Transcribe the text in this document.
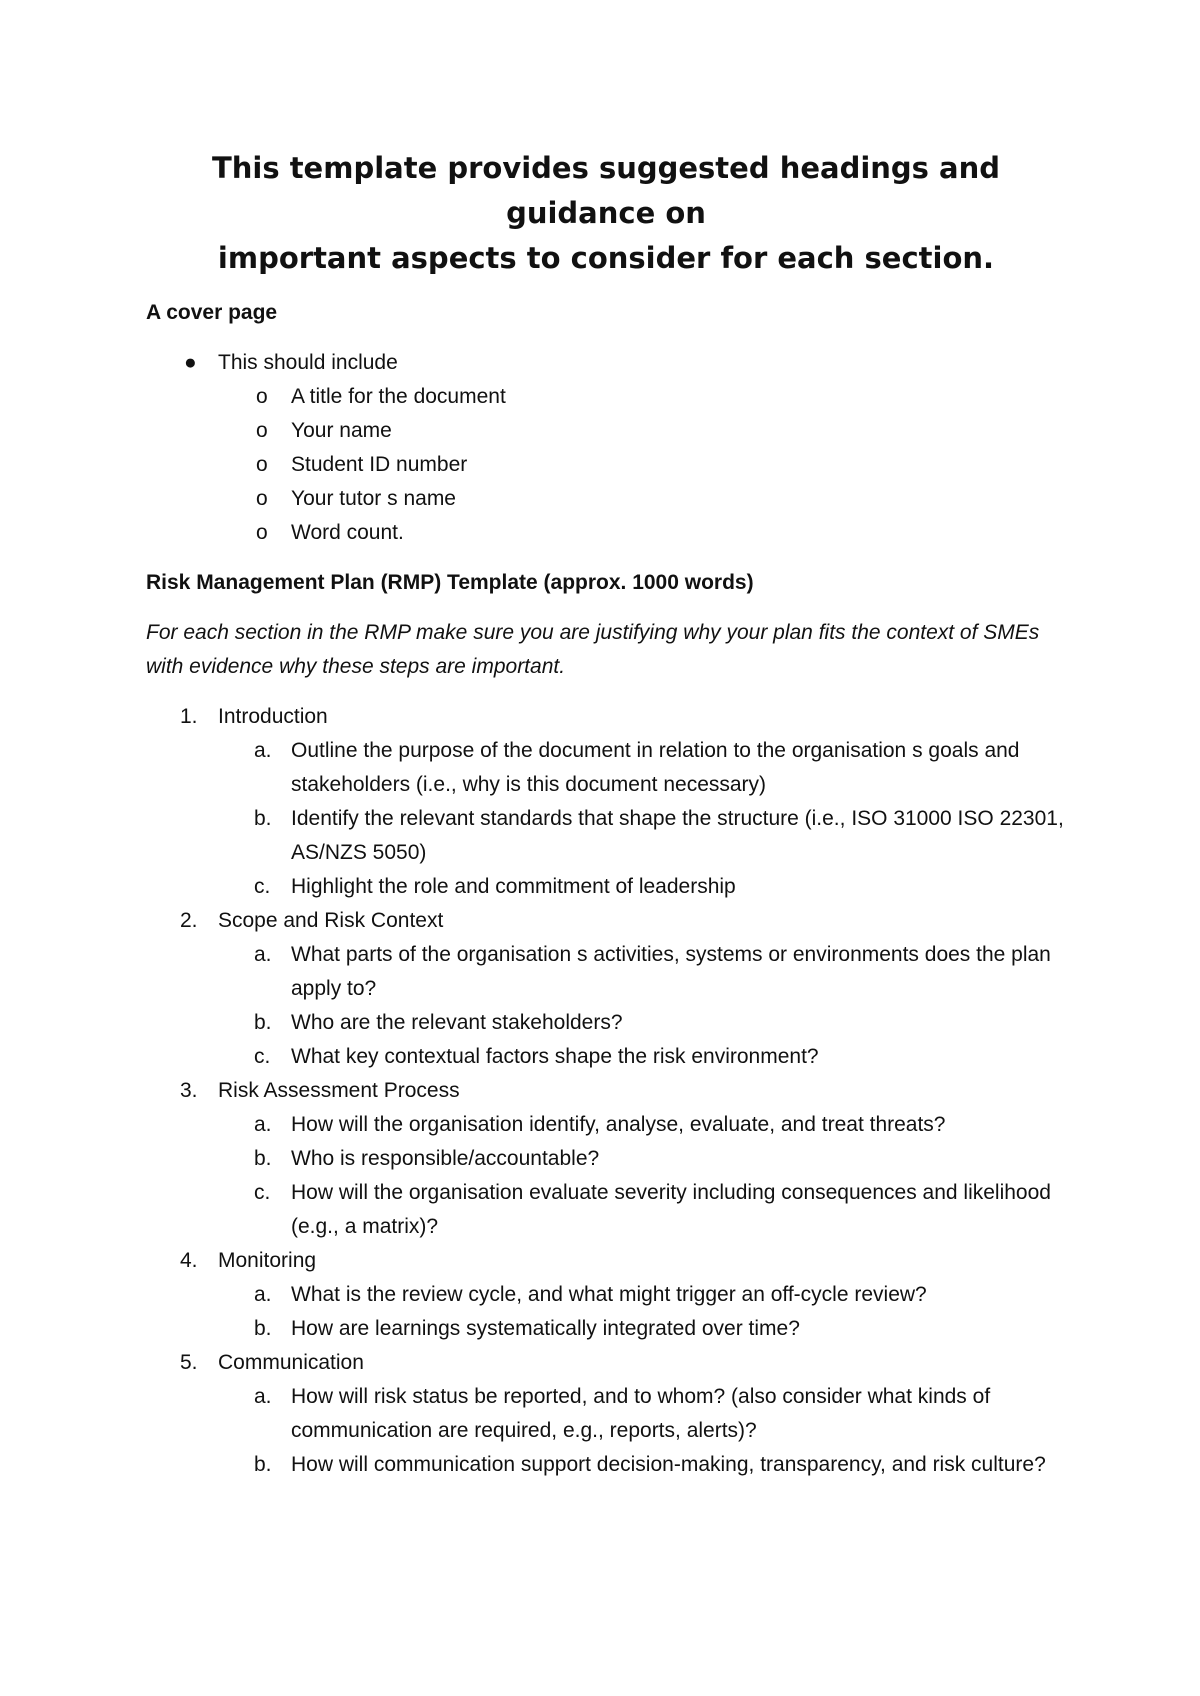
This template provides suggested headings and guidance on
important aspects to consider for each section.
A cover page
● This should include
o A title for the document
o Your name
o Student ID number
o Your tutor s name
o Word count.
Risk Management Plan (RMP) Template (approx. 1000 words)
For each section in the RMP make sure you are justifying why your plan fits the context of SMEs with evidence why these steps are important.
1. Introduction
a. Outline the purpose of the document in relation to the organisation s goals and stakeholders (i.e., why is this document necessary)
b. Identify the relevant standards that shape the structure (i.e., ISO 31000 ISO 22301, AS/NZS 5050)
c. Highlight the role and commitment of leadership
2. Scope and Risk Context
a. What parts of the organisation s activities, systems or environments does the plan apply to?
b. Who are the relevant stakeholders?
c. What key contextual factors shape the risk environment?
3. Risk Assessment Process
a. How will the organisation identify, analyse, evaluate, and treat threats?
b. Who is responsible/accountable?
c. How will the organisation evaluate severity including consequences and likelihood (e.g., a matrix)?
4. Monitoring
a. What is the review cycle, and what might trigger an off-cycle review?
b. How are learnings systematically integrated over time?
5. Communication
a. How will risk status be reported, and to whom? (also consider what kinds of communication are required, e.g., reports, alerts)?
b. How will communication support decision-making, transparency, and risk culture?
